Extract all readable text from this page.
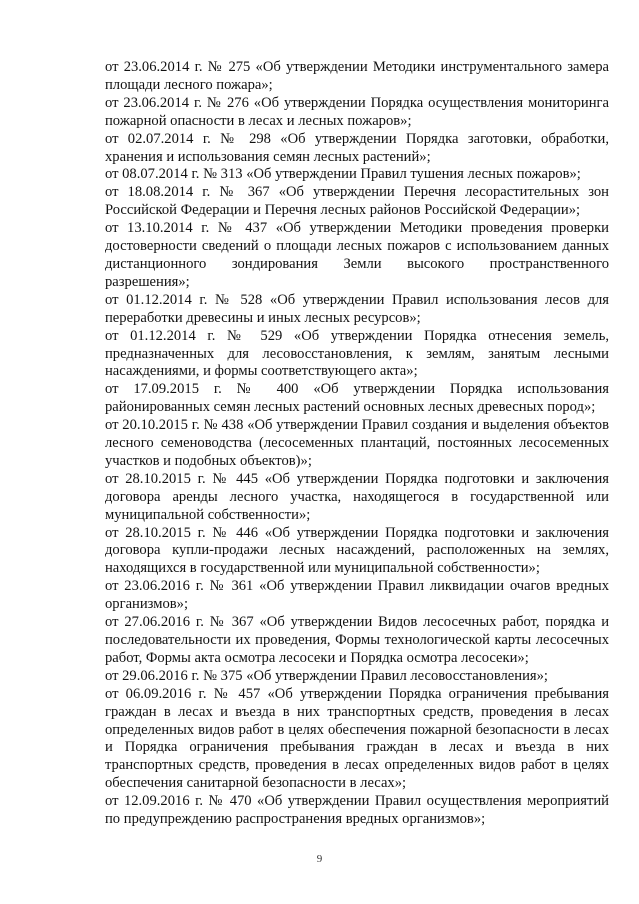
от 23.06.2014 г. № 275 «Об утверждении Методики инструментального замера площади лесного пожара»;

от 23.06.2014 г. № 276 «Об утверждении Порядка осуществления мониторинга пожарной опасности в лесах и лесных пожаров»;

от 02.07.2014 г. № 298 «Об утверждении Порядка заготовки, обработки, хранения и использования семян лесных растений»;

от 08.07.2014 г. № 313 «Об утверждении Правил тушения лесных пожаров»;

от 18.08.2014 г. № 367 «Об утверждении Перечня лесорастительных зон Российской Федерации и Перечня лесных районов Российской Федерации»;

от 13.10.2014 г. № 437 «Об утверждении Методики проведения проверки достоверности сведений о площади лесных пожаров с использованием данных дистанционного зондирования Земли высокого пространственного разрешения»;

от 01.12.2014 г. № 528 «Об утверждении Правил использования лесов для переработки древесины и иных лесных ресурсов»;

от 01.12.2014 г. № 529 «Об утверждении Порядка отнесения земель, предназначенных для лесовосстановления, к землям, занятым лесными насаждениями, и формы соответствующего акта»;

от 17.09.2015 г. № 400 «Об утверждении Порядка использования районированных семян лесных растений основных лесных древесных пород»;

от 20.10.2015 г. № 438 «Об утверждении Правил создания и выделения объектов лесного семеноводства (лесосеменных плантаций, постоянных лесосеменных участков и подобных объектов)»;

от 28.10.2015 г. № 445 «Об утверждении Порядка подготовки и заключения договора аренды лесного участка, находящегося в государственной или муниципальной собственности»;

от 28.10.2015 г. № 446 «Об утверждении Порядка подготовки и заключения договора купли-продажи лесных насаждений, расположенных на землях, находящихся в государственной или муниципальной собственности»;

от 23.06.2016 г. № 361 «Об утверждении Правил ликвидации очагов вредных организмов»;

от 27.06.2016 г. № 367 «Об утверждении Видов лесосечных работ, порядка и последовательности их проведения, Формы технологической карты лесосечных работ, Формы акта осмотра лесосеки и Порядка осмотра лесосеки»;

от 29.06.2016 г. № 375 «Об утверждении Правил лесовосстановления»;

от 06.09.2016 г. № 457 «Об утверждении Порядка ограничения пребывания граждан в лесах и въезда в них транспортных средств, проведения в лесах определенных видов работ в целях обеспечения пожарной безопасности в лесах и Порядка ограничения пребывания граждан в лесах и въезда в них транспортных средств, проведения в лесах определенных видов работ в целях обеспечения санитарной безопасности в лесах»;

от 12.09.2016 г. № 470 «Об утверждении Правил осуществления мероприятий по предупреждению распространения вредных организмов»;

9
